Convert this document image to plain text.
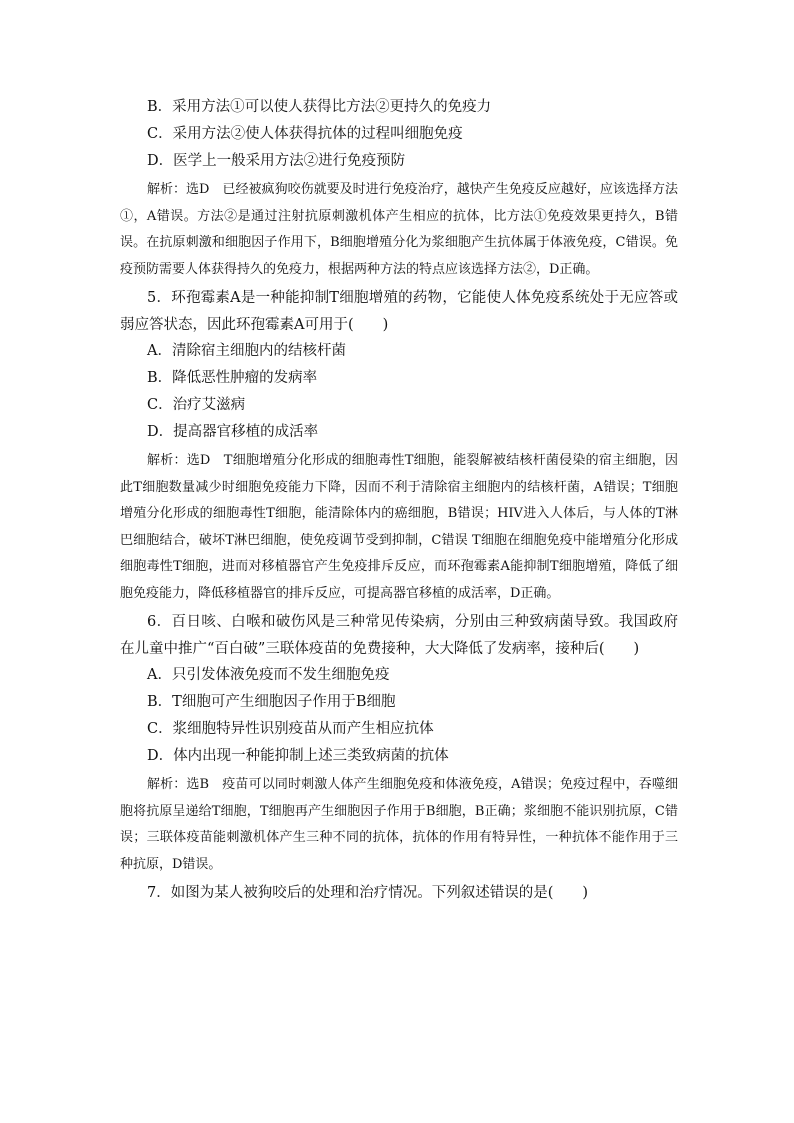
B．采用方法①可以使人获得比方法②更持久的免疫力
C．采用方法②使人体获得抗体的过程叫细胞免疫
D．医学上一般采用方法②进行免疫预防
解析：选D　已经被疯狗咬伤就要及时进行免疫治疗，越快产生免疫反应越好，应该选择方法①，A错误。方法②是通过注射抗原刺激机体产生相应的抗体，比方法①免疫效果更持久，B错误。在抗原刺激和细胞因子作用下，B细胞增殖分化为浆细胞产生抗体属于体液免疫，C错误。免疫预防需要人体获得持久的免疫力，根据两种方法的特点应该选择方法②，D正确。
5．环孢霉素A是一种能抑制T细胞增殖的药物，它能使人体免疫系统处于无应答或弱应答状态，因此环孢霉素A可用于(　　)
A．清除宿主细胞内的结核杆菌
B．降低恶性肿瘤的发病率
C．治疗艾滋病
D．提高器官移植的成活率
解析：选D　T细胞增殖分化形成的细胞毒性T细胞，能裂解被结核杆菌侵染的宿主细胞，因此T细胞数量减少时细胞免疫能力下降，因而不利于清除宿主细胞内的结核杆菌，A错误；T细胞增殖分化形成的细胞毒性T细胞，能清除体内的癌细胞，B错误；HIV进入人体后，与人体的T淋巴细胞结合，破坏T淋巴细胞，使免疫调节受到抑制，C错误 T细胞在细胞免疫中能增殖分化形成细胞毒性T细胞，进而对移植器官产生免疫排斥反应，而环孢霉素A能抑制T细胞增殖，降低了细胞免疫能力，降低移植器官的排斥反应，可提高器官移植的成活率，D正确。
6．百日咳、白喉和破伤风是三种常见传染病，分别由三种致病菌导致。我国政府在儿童中推广“百白破”三联体疫苗的免费接种，大大降低了发病率，接种后(　　)
A．只引发体液免疫而不发生细胞免疫
B．T细胞可产生细胞因子作用于B细胞
C．浆细胞特异性识别疫苗从而产生相应抗体
D．体内出现一种能抑制上述三类致病菌的抗体
解析：选B　疫苗可以同时刺激人体产生细胞免疫和体液免疫，A错误；免疫过程中，吞噬细胞将抗原呈递给T细胞，T细胞再产生细胞因子作用于B细胞，B正确；浆细胞不能识别抗原，C错误；三联体疫苗能刺激机体产生三种不同的抗体，抗体的作用有特异性，一种抗体不能作用于三种抗原，D错误。
7．如图为某人被狗咬后的处理和治疗情况。下列叙述错误的是(　　)
